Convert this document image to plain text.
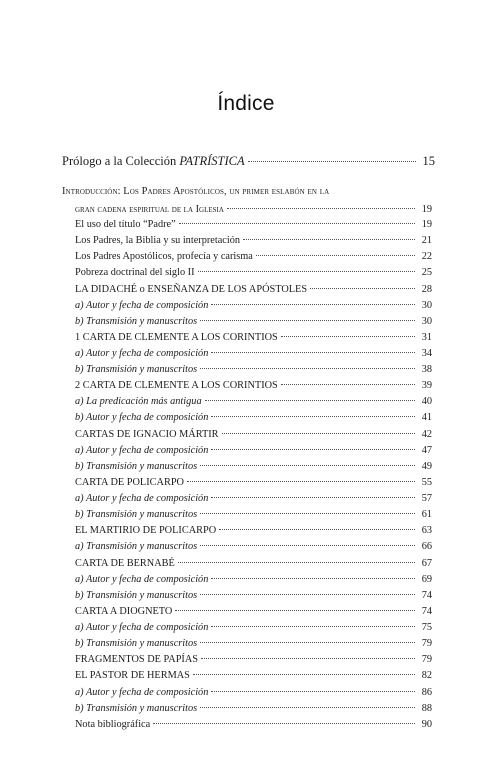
Índice
Prólogo a la Colección PATRÍSTICA	15
Introducción: Los Padres Apostólicos, un primer eslabón en la
gran cadena espiritual de la Iglesia	19
El uso del título “Padre”	19
Los Padres, la Biblia y su interpretación	21
Los Padres Apostólicos, profecía y carisma	22
Pobreza doctrinal del siglo II	25
LA DIDACHÉ o ENSEÑANZA DE LOS APÓSTOLES	28
a) Autor y fecha de composición	30
b) Transmisión y manuscritos	30
1 CARTA DE CLEMENTE A LOS CORINTIOS	31
a) Autor y fecha de composición	34
b) Transmisión y manuscritos	38
2 CARTA DE CLEMENTE A LOS CORINTIOS	39
a) La predicación más antigua	40
b) Autor y fecha de composición	41
CARTAS DE IGNACIO MÁRTIR	42
a) Autor y fecha de composición	47
b) Transmisión y manuscritos	49
CARTA DE POLICARPO	55
a) Autor y fecha de composición	57
b) Transmisión y manuscritos	61
EL MARTIRIO DE POLICARPO	63
a) Transmisión y manuscritos	66
CARTA DE BERNABÉ	67
a) Autor y fecha de composición	69
b) Transmisión y manuscritos	74
CARTA A DIOGNETO	74
a) Autor y fecha de composición	75
b) Transmisión y manuscritos	79
FRAGMENTOS DE PAPÍAS	79
EL PASTOR DE HERMAS	82
a) Autor y fecha de composición	86
b) Transmisión y manuscritos	88
Nota bibliográfica	90
